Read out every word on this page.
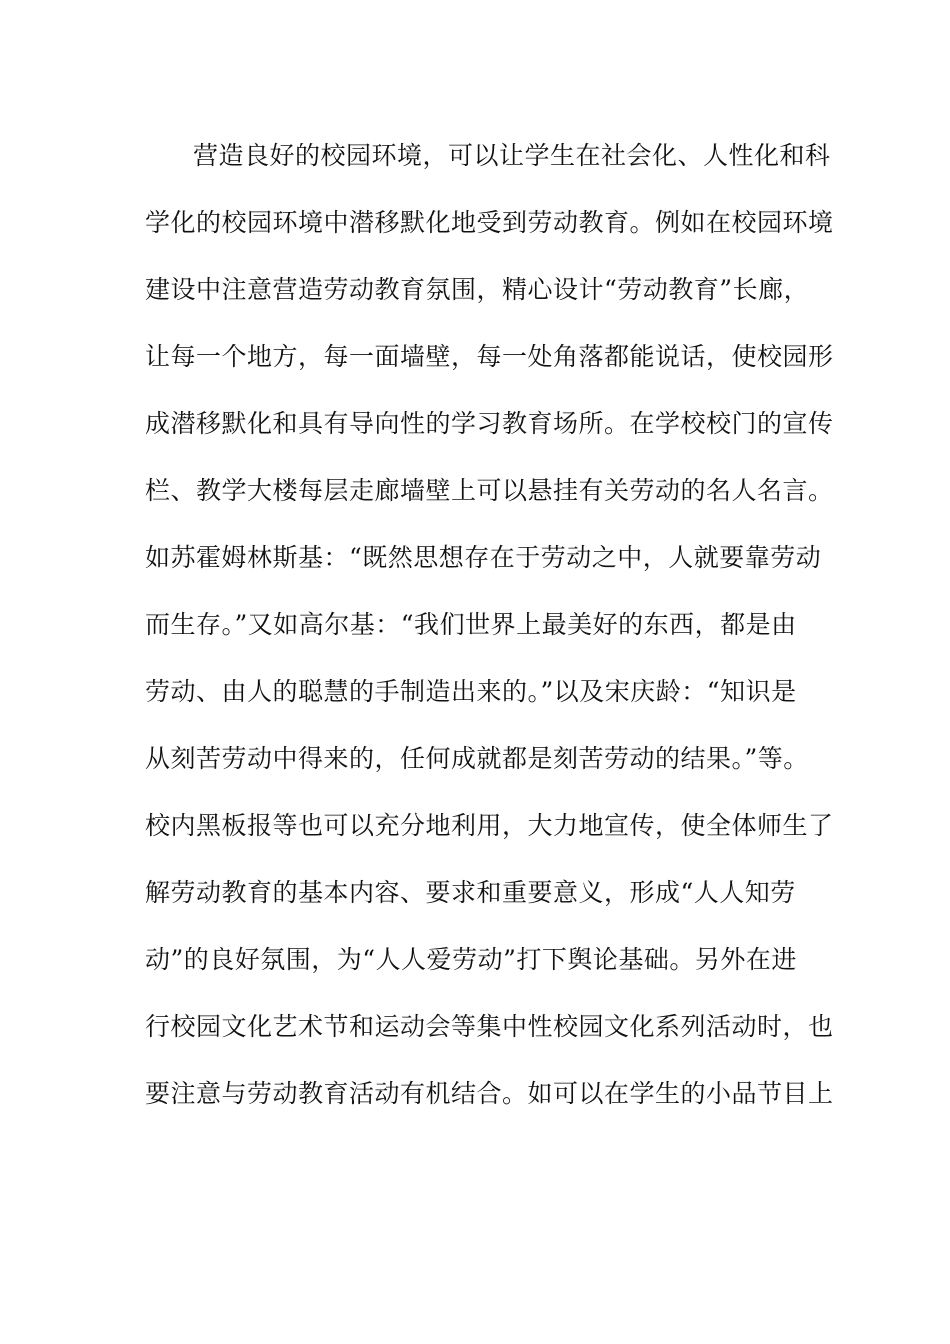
营造良好的校园环境，可以让学生在社会化、人性化和科
学化的校园环境中潜移默化地受到劳动教育。例如在校园环境
建设中注意营造劳动教育氛围，精心设计“劳动教育”长廊，
让每一个地方，每一面墙壁，每一处角落都能说话，使校园形
成潜移默化和具有导向性的学习教育场所。在学校校门的宣传
栏、教学大楼每层走廊墙壁上可以悬挂有关劳动的名人名言。
如苏霍姆林斯基：“既然思想存在于劳动之中，人就要靠劳动
而生存。”又如高尔基：“我们世界上最美好的东西，都是由
劳动、由人的聪慧的手制造出来的。”以及宋庆龄：“知识是
从刻苦劳动中得来的，任何成就都是刻苦劳动的结果。”等。
校内黑板报等也可以充分地利用，大力地宣传，使全体师生了
解劳动教育的基本内容、要求和重要意义，形成“人人知劳
动”的良好氛围，为“人人爱劳动”打下舆论基础。另外在进
行校园文化艺术节和运动会等集中性校园文化系列活动时，也
要注意与劳动教育活动有机结合。如可以在学生的小品节目上
